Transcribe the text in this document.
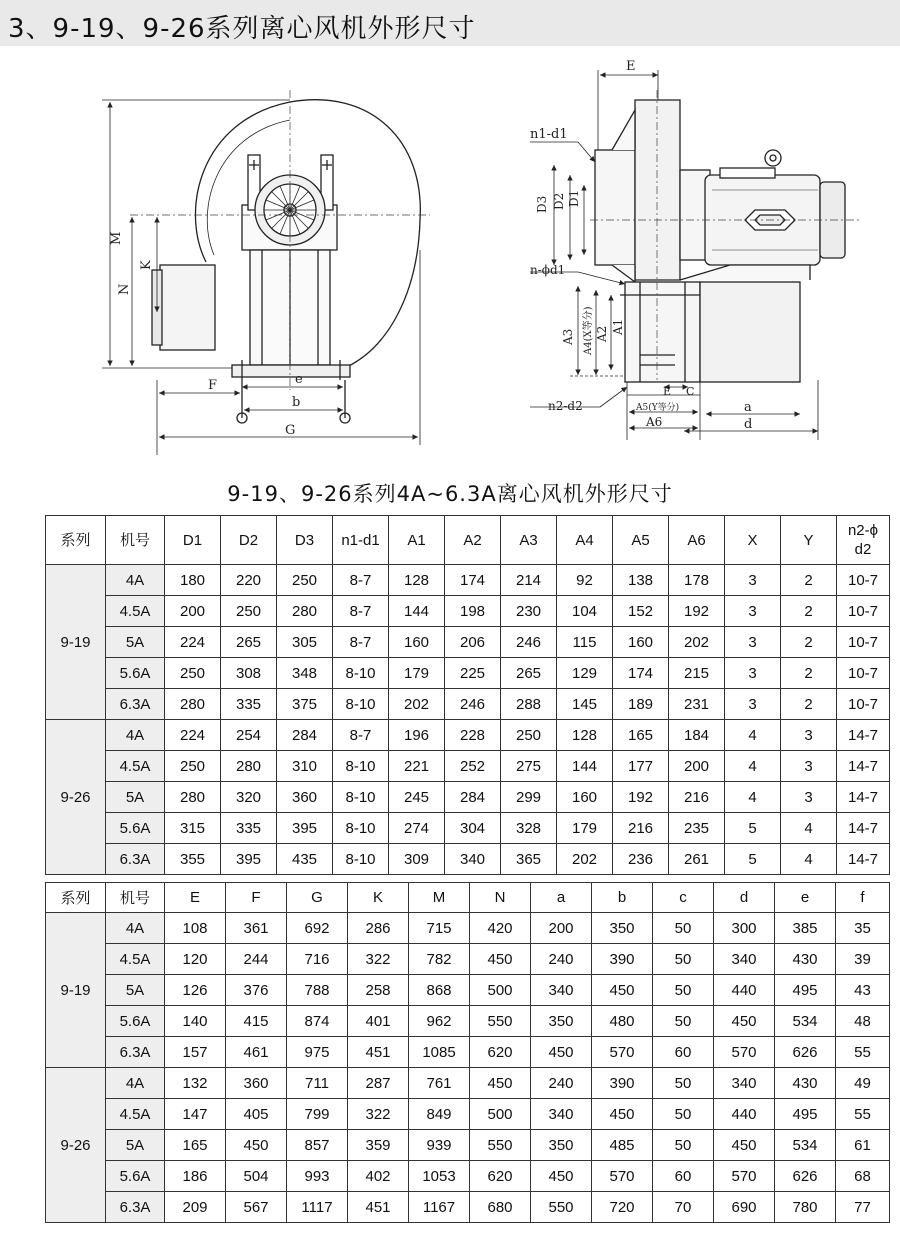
3、9-19、9-26系列离心风机外形尺寸
M
N
K
F	e
b
G
E
n1-d1
D3 D2 D1
n-ϕd1
A3 A4(X等分) A2 A1
n2-d2
E C
A5(Y等分)
A6
a
d
9-19、9-26系列4A~6.3A离心风机外形尺寸
系列	机号	D1	D2	D3	n1-d1	A1	A2	A3	A4	A5	A6	X	Y	n2-ϕ
d2

9-19	4A	180	220	250	8-7	128	174	214	92	138	178	3	2	10-7
	4.5A	200	250	280	8-7	144	198	230	104	152	192	3	2	10-7
	5A	224	265	305	8-7	160	206	246	115	160	202	3	2	10-7
	5.6A	250	308	348	8-10	179	225	265	129	174	215	3	2	10-7
	6.3A	280	335	375	8-10	202	246	288	145	189	231	3	2	10-7
9-26	4A	224	254	284	8-7	196	228	250	128	165	184	4	3	14-7
	4.5A	250	280	310	8-10	221	252	275	144	177	200	4	3	14-7
	5A	280	320	360	8-10	245	284	299	160	192	216	4	3	14-7
	5.6A	315	335	395	8-10	274	304	328	179	216	235	5	4	14-7
	6.3A	355	395	435	8-10	309	340	365	202	236	261	5	4	14-7
系列	机号	E	F	G	K	M	N	a	b	c	d	e	f
9-19	4A	108	361	692	286	715	420	200	350	50	300	385	35
	4.5A	120	244	716	322	782	450	240	390	50	340	430	39
	5A	126	376	788	258	868	500	340	450	50	440	495	43
	5.6A	140	415	874	401	962	550	350	480	50	450	534	48
	6.3A	157	461	975	451	1085	620	450	570	60	570	626	55
9-26	4A	132	360	711	287	761	450	240	390	50	340	430	49
	4.5A	147	405	799	322	849	500	340	450	50	440	495	55
	5A	165	450	857	359	939	550	350	485	50	450	534	61
	5.6A	186	504	993	402	1053	620	450	570	60	570	626	68
	6.3A	209	567	1117	451	1167	680	550	720	70	690	780	77
